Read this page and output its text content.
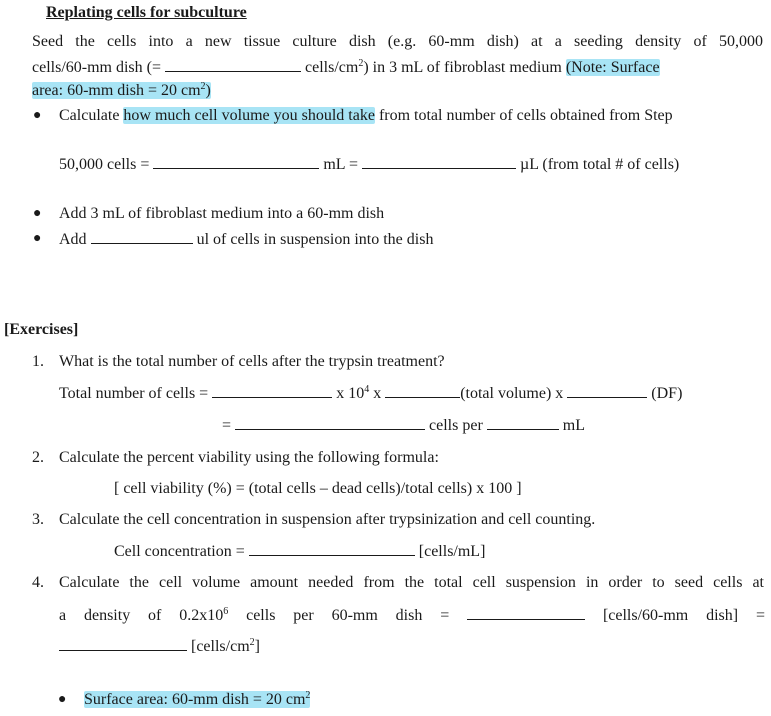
Replating cells for subculture
Seed the cells into a new tissue culture dish (e.g. 60-mm dish) at a seeding density of 50,000
cells/60-mm dish (=	cells/$cm^2$) in 3 mL of fibroblast medium (Note: Surface
area: 60-mm dish = 20 $cm^2$)
● Calculate how much cell volume you should take from total number of cells obtained from Step
50,000 cells =	mL =	µL (from total # of cells)
● Add 3 mL of fibroblast medium into a 60-mm dish
● Add	ul of cells in suspension into the dish
[Exercises]
1. What is the total number of cells after the trypsin treatment?
Total number of cells =	x $10^4$ x	(total volume) x	(DF)
=	cells per	mL
2. Calculate the percent viability using the following formula:
[ cell viability (%) = (total cells – dead cells)/total cells) x 100 ]
3. Calculate the cell concentration in suspension after trypsinization and cell counting.
Cell concentration =	[cells/mL]
4. Calculate the cell volume amount needed from the total cell suspension in order to seed cells at
a density of $0.2x10^6$ cells per 60-mm dish =	[cells/60-mm dish] =
$[cells/cm^2]$
● Surface area: 60-mm dish = 20 $cm^2$
